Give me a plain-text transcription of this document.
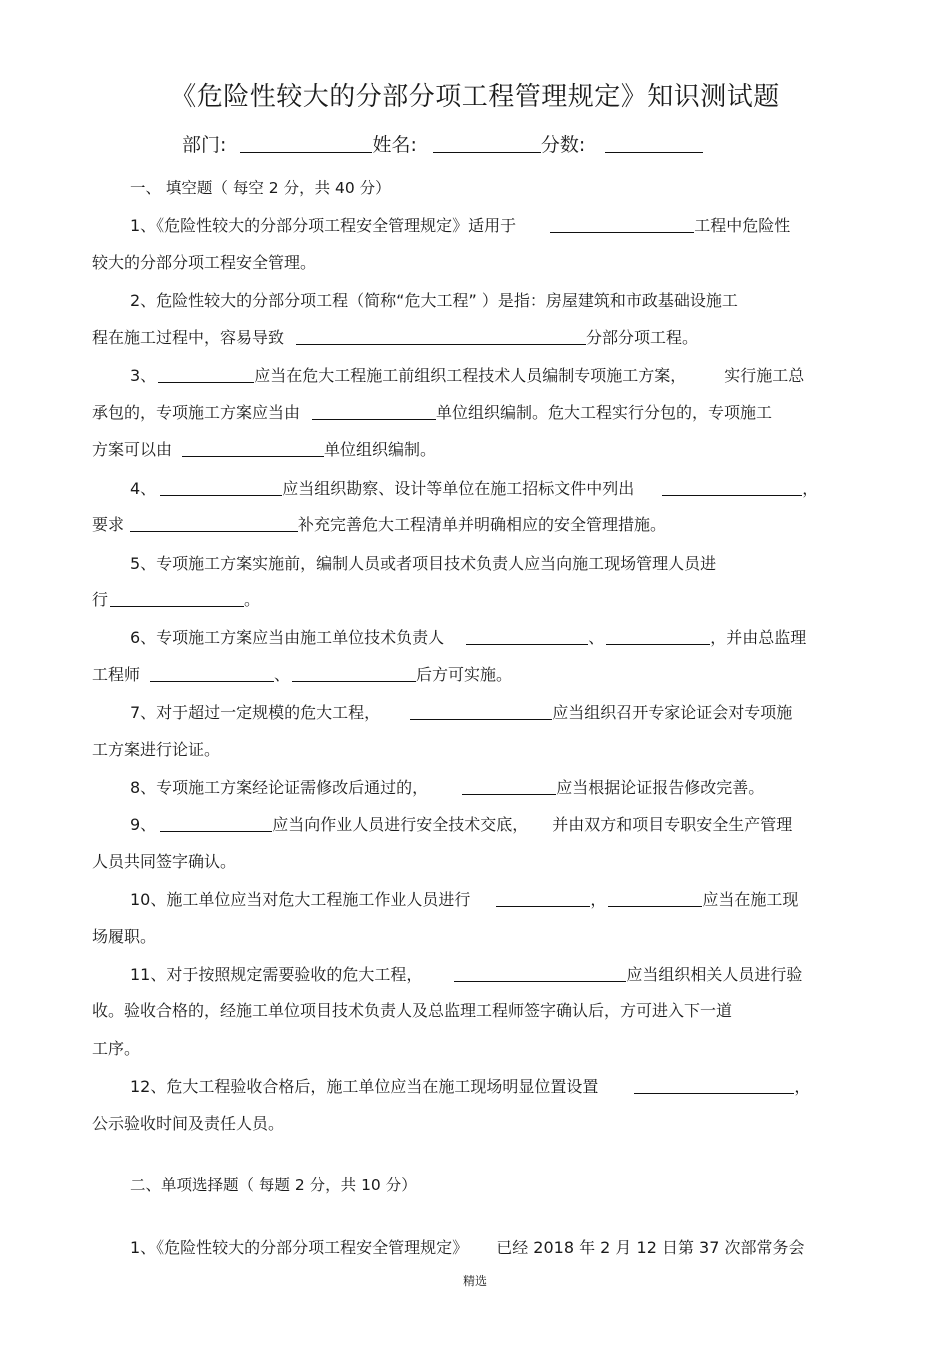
《危险性较大的分部分项工程管理规定》知识测试题
部门:	姓名:	分数:
一、 填空题（ 每空 2 分，共 40 分）
1、《危险性较大的分部分项工程安全管理规定》适用于	工程中危险性
较大的分部分项工程安全管理。
2、危险性较大的分部分项工程（简称“危大工程” ）是指：房屋建筑和市政基础设施工
程在施工过程中，容易导致	分部分项工程。
3、	应当在危大工程施工前组织工程技术人员编制专项施工方案， 实行施工总
承包的，专项施工方案应当由	单位组织编制。危大工程实行分包的，专项施工
方案可以由	单位组织编制。
4、	应当组织勘察、设计等单位在施工招标文件中列出	，
要求	补充完善危大工程清单并明确相应的安全管理措施。
5、专项施工方案实施前，编制人员或者项目技术负责人应当向施工现场管理人员进
行	。
6、专项施工方案应当由施工单位技术负责人	、	，并由总监理
工程师	、	后方可实施。
7、对于超过一定规模的危大工程，	应当组织召开专家论证会对专项施
工方案进行论证。
8、专项施工方案经论证需修改后通过的，	应当根据论证报告修改完善。
9、	应当向作业人员进行安全技术交底， 并由双方和项目专职安全生产管理
人员共同签字确认。
10、施工单位应当对危大工程施工作业人员进行	，	应当在施工现
场履职。
11、对于按照规定需要验收的危大工程，	应当组织相关人员进行验
收。验收合格的，经施工单位项目技术负责人及总监理工程师签字确认后，方可进入下一道
工序。
12、危大工程验收合格后，施工单位应当在施工现场明显位置设置	，
公示验收时间及责任人员。
二、单项选择题（ 每题 2 分，共 10 分）
1、《危险性较大的分部分项工程安全管理规定》 已经 2018 年 2 月 12 日第 37 次部常务会
精选
